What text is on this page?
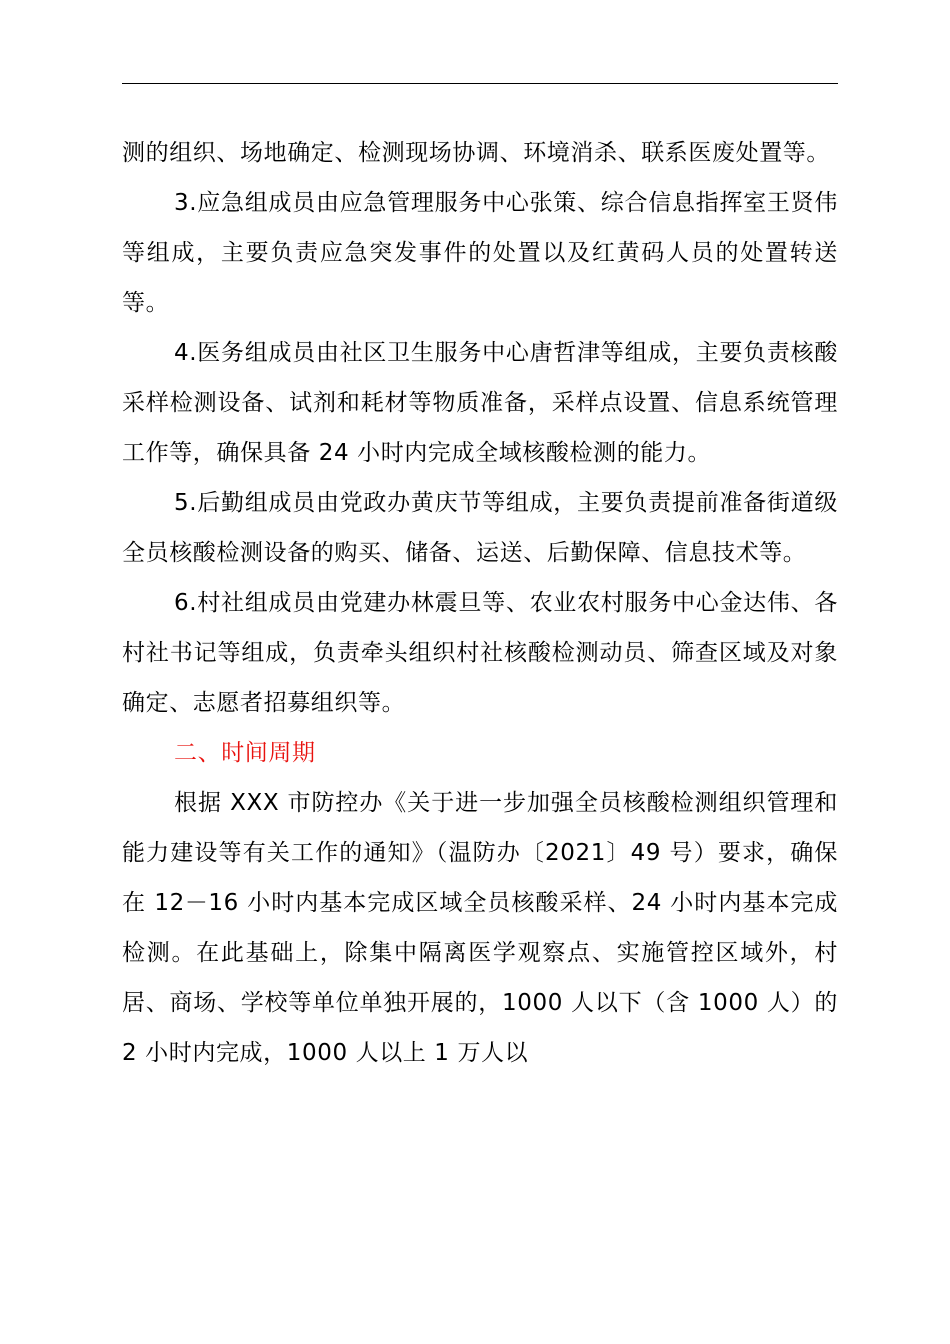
测的组织、场地确定、检测现场协调、环境消杀、联系医废处置等。

3.应急组成员由应急管理服务中心张策、综合信息指挥室王贤伟等组成，主要负责应急突发事件的处置以及红黄码人员的处置转送等。

4.医务组成员由社区卫生服务中心唐哲津等组成，主要负责核酸采样检测设备、试剂和耗材等物质准备，采样点设置、信息系统管理工作等，确保具备 24 小时内完成全域核酸检测的能力。

5.后勤组成员由党政办黄庆节等组成，主要负责提前准备街道级全员核酸检测设备的购买、储备、运送、后勤保障、信息技术等。

6.村社组成员由党建办林震旦等、农业农村服务中心金达伟、各村社书记等组成，负责牵头组织村社核酸检测动员、筛查区域及对象确定、志愿者招募组织等。

二、时间周期

根据 XXX 市防控办《关于进一步加强全员核酸检测组织管理和能力建设等有关工作的通知》（温防办〔2021〕49 号）要求，确保在 12－16 小时内基本完成区域全员核酸采样、24 小时内基本完成检测。在此基础上，除集中隔离医学观察点、实施管控区域外，村居、商场、学校等单位单独开展的，1000 人以下（含 1000 人）的 2 小时内完成，1000 人以上 1 万人以
